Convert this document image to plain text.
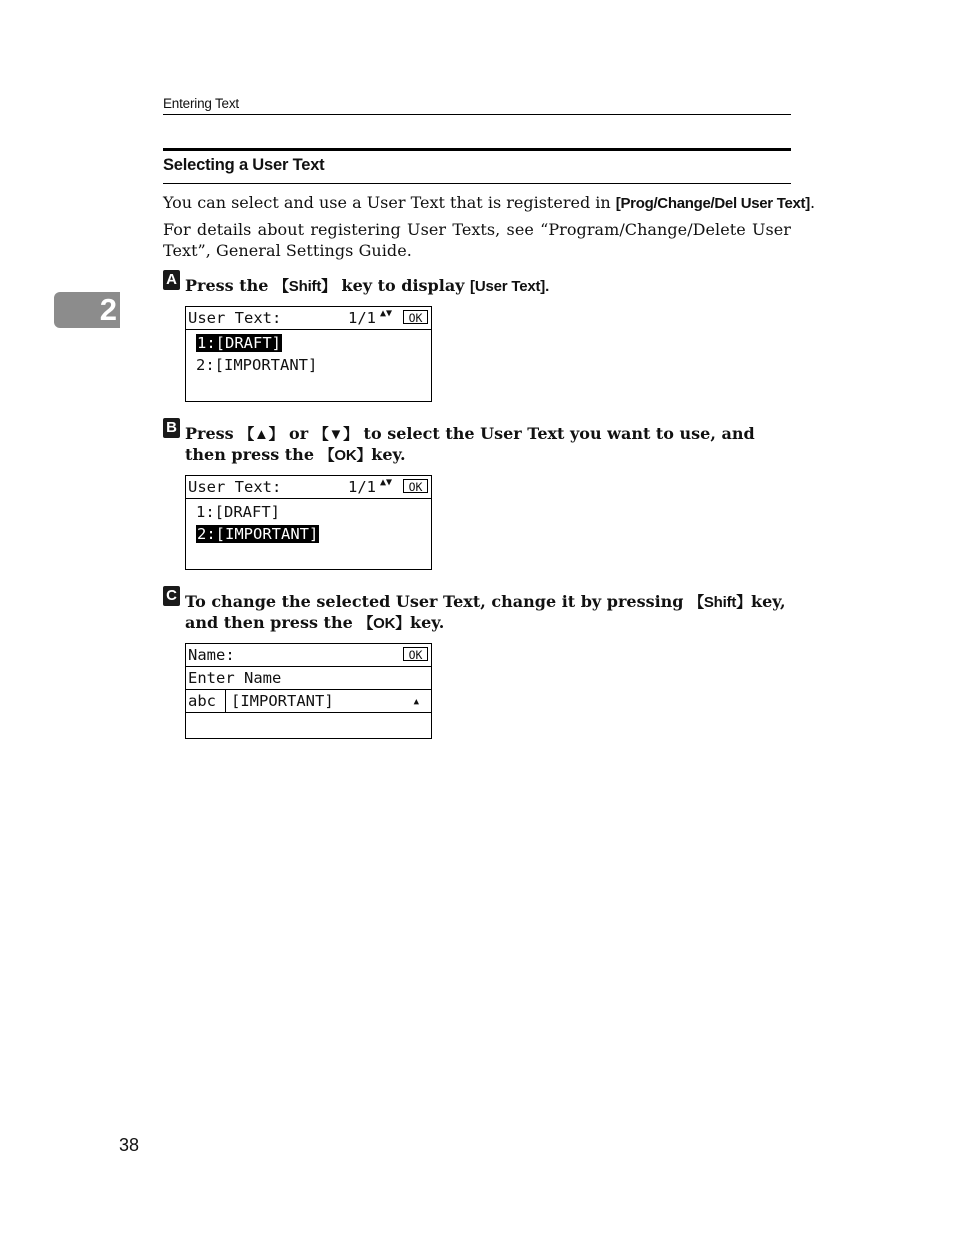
Entering Text
2
Selecting a User Text
You can select and use a User Text that is registered in [Prog/Change/Del User Text].
For details about registering User Texts, see “Program/Change/Delete User Text”, General Settings Guide.
A Press the 【Shift】 key to display [User Text].
User Text:	1/1 ▲▼	OK
1:[DRAFT]
2:[IMPORTANT]
B Press 【▲】 or 【▼】 to select the User Text you want to use, and then press the 【OK】key.
User Text:	1/1 ▲▼	OK
1:[DRAFT]
2:[IMPORTANT]
C To change the selected User Text, change it by pressing 【Shift】key, and then press the 【OK】key.
Name:	OK
Enter Name
abc [IMPORTANT]	▲
38
